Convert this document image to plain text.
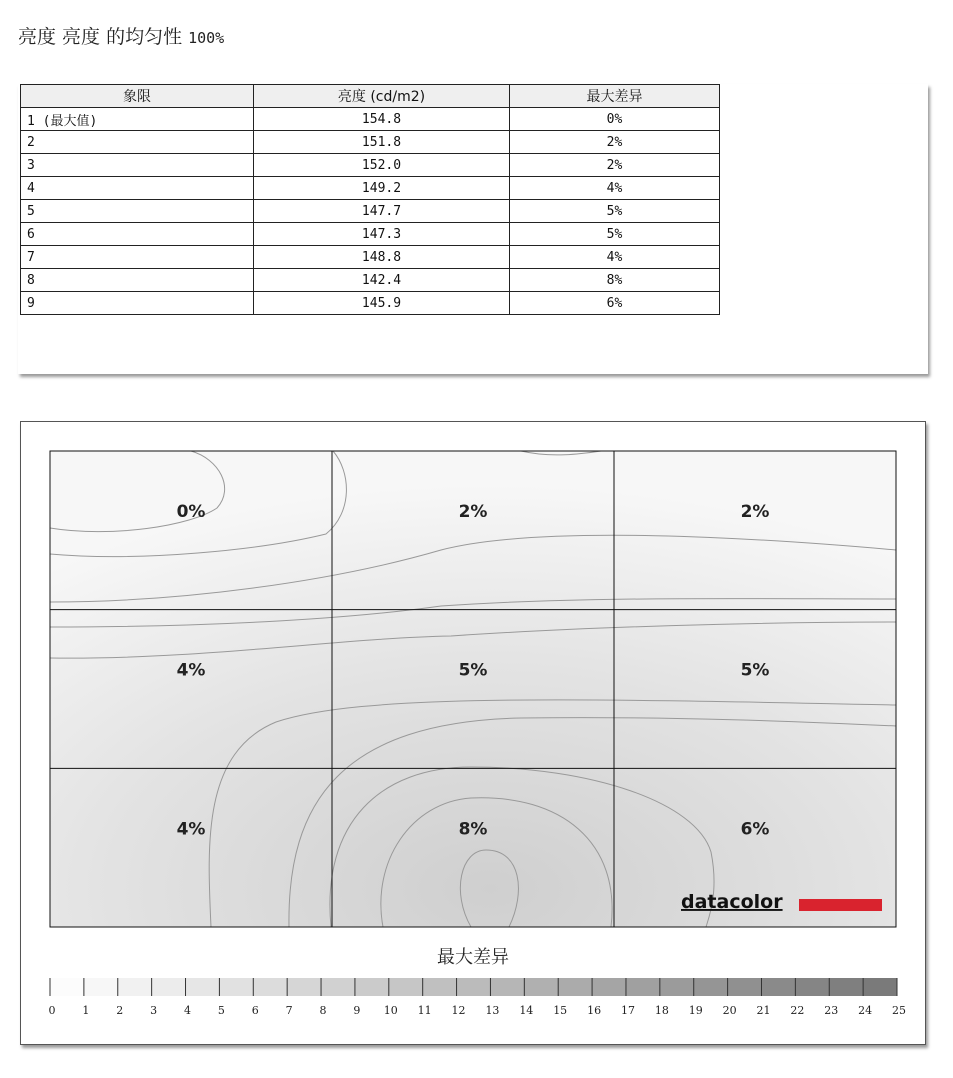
亮度 亮度 的均匀性 100%
象限	亮度 (cd/m2)	最大差异
1 (最大值)	154.8	0%
2	151.8	2%
3	152.0	2%
4	149.2	4%
5	147.7	5%
6	147.3	5%
7	148.8	4%
8	142.4	8%
9	145.9	6%
0%	2%	2%
4%	5%	5%
4%	8%	6%
datacolor
最大差异
0 1 2 3 4 5 6 7 8 9 10 11 12 13 14 15 16 17 18 19 20 21 22 23 24 25
